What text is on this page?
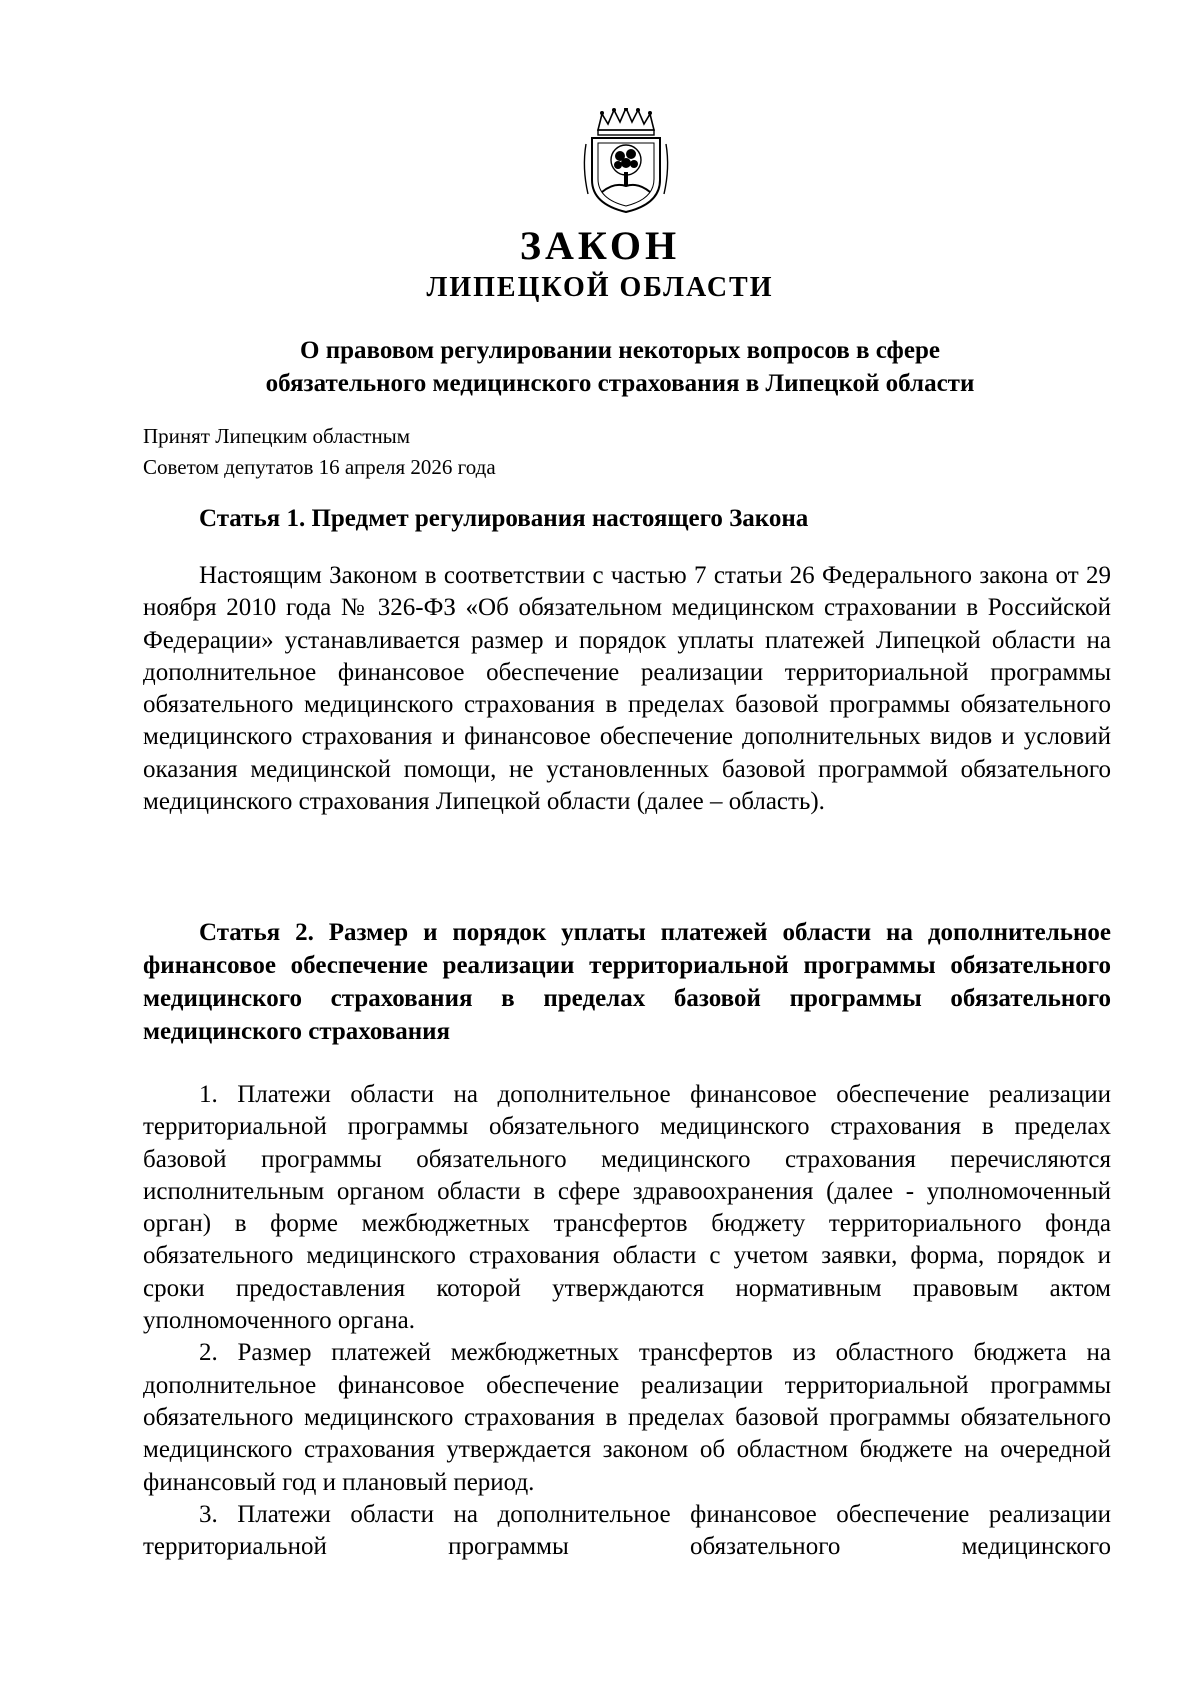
ЗАКОН
ЛИПЕЦКОЙ ОБЛАСТИ
О правовом регулировании некоторых вопросов в сфере обязательного медицинского страхования в Липецкой области
Принят Липецким областным
Советом депутатов 16 апреля 2026 года
Статья 1. Предмет регулирования настоящего Закона

Настоящим Законом в соответствии с частью 7 статьи 26 Федерального закона от 29 ноября 2010 года № 326-ФЗ «Об обязательном медицинском страховании в Российской Федерации» устанавливается размер и порядок уплаты платежей Липецкой области на дополнительное финансовое обеспечение реализации территориальной программы обязательного медицинского страхования в пределах базовой программы обязательного медицинского страхования и финансовое обеспечение дополнительных видов и условий оказания медицинской помощи, не установленных базовой программой обязательного медицинского страхования Липецкой области (далее – область).

Статья 2. Размер и порядок уплаты платежей области на дополнительное финансовое обеспечение реализации территориальной программы обязательного медицинского страхования в пределах базовой программы обязательного медицинского страхования

1. Платежи области на дополнительное финансовое обеспечение реализации территориальной программы обязательного медицинского страхования в пределах базовой программы обязательного медицинского страхования перечисляются исполнительным органом области в сфере здравоохранения (далее - уполномоченный орган) в форме межбюджетных трансфертов бюджету территориального фонда обязательного медицинского страхования области с учетом заявки, форма, порядок и сроки предоставления которой утверждаются нормативным правовым актом уполномоченного органа.

2. Размер платежей межбюджетных трансфертов из областного бюджета на дополнительное финансовое обеспечение реализации территориальной программы обязательного медицинского страхования в пределах базовой программы обязательного медицинского страхования утверждается законом об областном бюджете на очередной финансовый год и плановый период.

3. Платежи области на дополнительное финансовое обеспечение реализации территориальной программы обязательного медицинского
